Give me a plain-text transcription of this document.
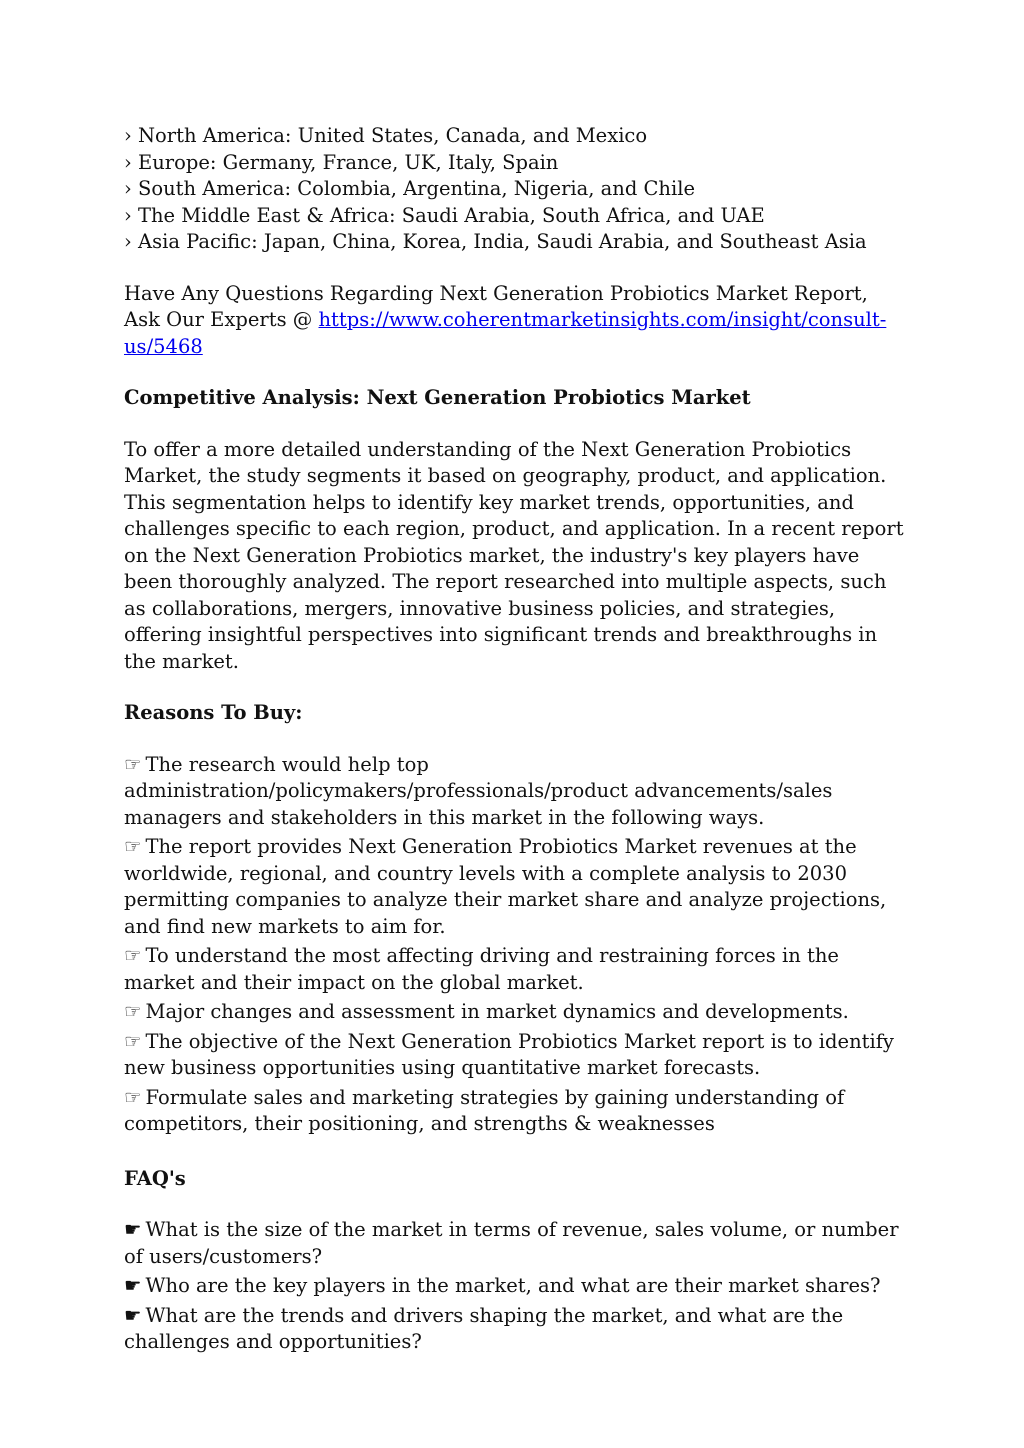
› North America: United States, Canada, and Mexico
› Europe: Germany, France, UK, Italy, Spain
› South America: Colombia, Argentina, Nigeria, and Chile
› The Middle East & Africa: Saudi Arabia, South Africa, and UAE
› Asia Pacific: Japan, China, Korea, India, Saudi Arabia, and Southeast Asia

Have Any Questions Regarding Next Generation Probiotics Market Report, Ask Our Experts @ https://www.coherentmarketinsights.com/insight/consult-us/5468

Competitive Analysis: Next Generation Probiotics Market

To offer a more detailed understanding of the Next Generation Probiotics Market, the study segments it based on geography, product, and application. This segmentation helps to identify key market trends, opportunities, and challenges specific to each region, product, and application. In a recent report on the Next Generation Probiotics market, the industry's key players have been thoroughly analyzed. The report researched into multiple aspects, such as collaborations, mergers, innovative business policies, and strategies, offering insightful perspectives into significant trends and breakthroughs in the market.

Reasons To Buy:

☞ The research would help top administration/policymakers/professionals/product advancements/sales managers and stakeholders in this market in the following ways.
☞ The report provides Next Generation Probiotics Market revenues at the worldwide, regional, and country levels with a complete analysis to 2030 permitting companies to analyze their market share and analyze projections, and find new markets to aim for.
☞ To understand the most affecting driving and restraining forces in the market and their impact on the global market.
☞ Major changes and assessment in market dynamics and developments.
☞ The objective of the Next Generation Probiotics Market report is to identify new business opportunities using quantitative market forecasts.
☞ Formulate sales and marketing strategies by gaining understanding of competitors, their positioning, and strengths & weaknesses

FAQ's

☛ What is the size of the market in terms of revenue, sales volume, or number of users/customers?
☛ Who are the key players in the market, and what are their market shares?
☛ What are the trends and drivers shaping the market, and what are the challenges and opportunities?
